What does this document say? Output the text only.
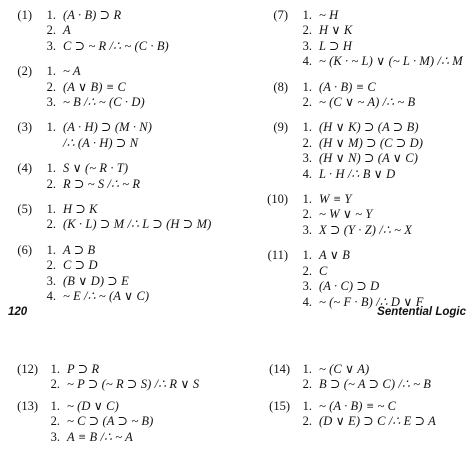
(1)	1. (A · B) ⊃ R
2. A
3. C ⊃ ~ R /∴ ~ (C · B)
(2)	1. ~ A
2. (A ∨ B) ≡ C
3. ~ B /∴ ~ (C · D)
(3)	1. (A · H) ⊃ (M · N)
/∴ (A · H) ⊃ N
(4)	1. S ∨ (~ R · T)
2. R ⊃ ~ S /∴ ~ R
(5)	1. H ⊃ K
2. (K · L) ⊃ M /∴ L ⊃ (H ⊃ M)
(6)	1. A ⊃ B
2. C ⊃ D
3. (B ∨ D) ⊃ E
4. ~ E /∴ ~ (A ∨ C)
(7)	1. ~ H
2. H ∨ K
3. L ⊃ H
4. ~ (K · ~ L) ∨ (~ L · M) /∴ M
(8)	1. (A · B) ≡ C
2. ~ (C ∨ ~ A) /∴ ~ B
(9)	1. (H ∨ K) ⊃ (A ⊃ B)
2. (H ∨ M) ⊃ (C ⊃ D)
3. (H ∨ N) ⊃ (A ∨ C)
4. L · H /∴ B ∨ D
(10)	1. W ≡ Y
2. ~ W ∨ ~ Y
3. X ⊃ (Y · Z) /∴ ~ X
(11)	1. A ∨ B
2. C
3. (A · C) ⊃ D
4. ~ (~ F · B) /∴ D ∨ F
120	Sentential Logic
(12)	1. P ⊃ R
2. ~ P ⊃ (~ R ⊃ S) /∴ R ∨ S
(13)	1. ~ (D ∨ C)
2. ~ C ⊃ (A ⊃ ~ B)
3. A ≡ B /∴ ~ A
(14)	1. ~ (C ∨ A)
2. B ⊃ (~ A ⊃ C) /∴ ~ B
(15)	1. ~ (A · B) ≡ ~ C
2. (D ∨ E) ⊃ C /∴ E ⊃ A
